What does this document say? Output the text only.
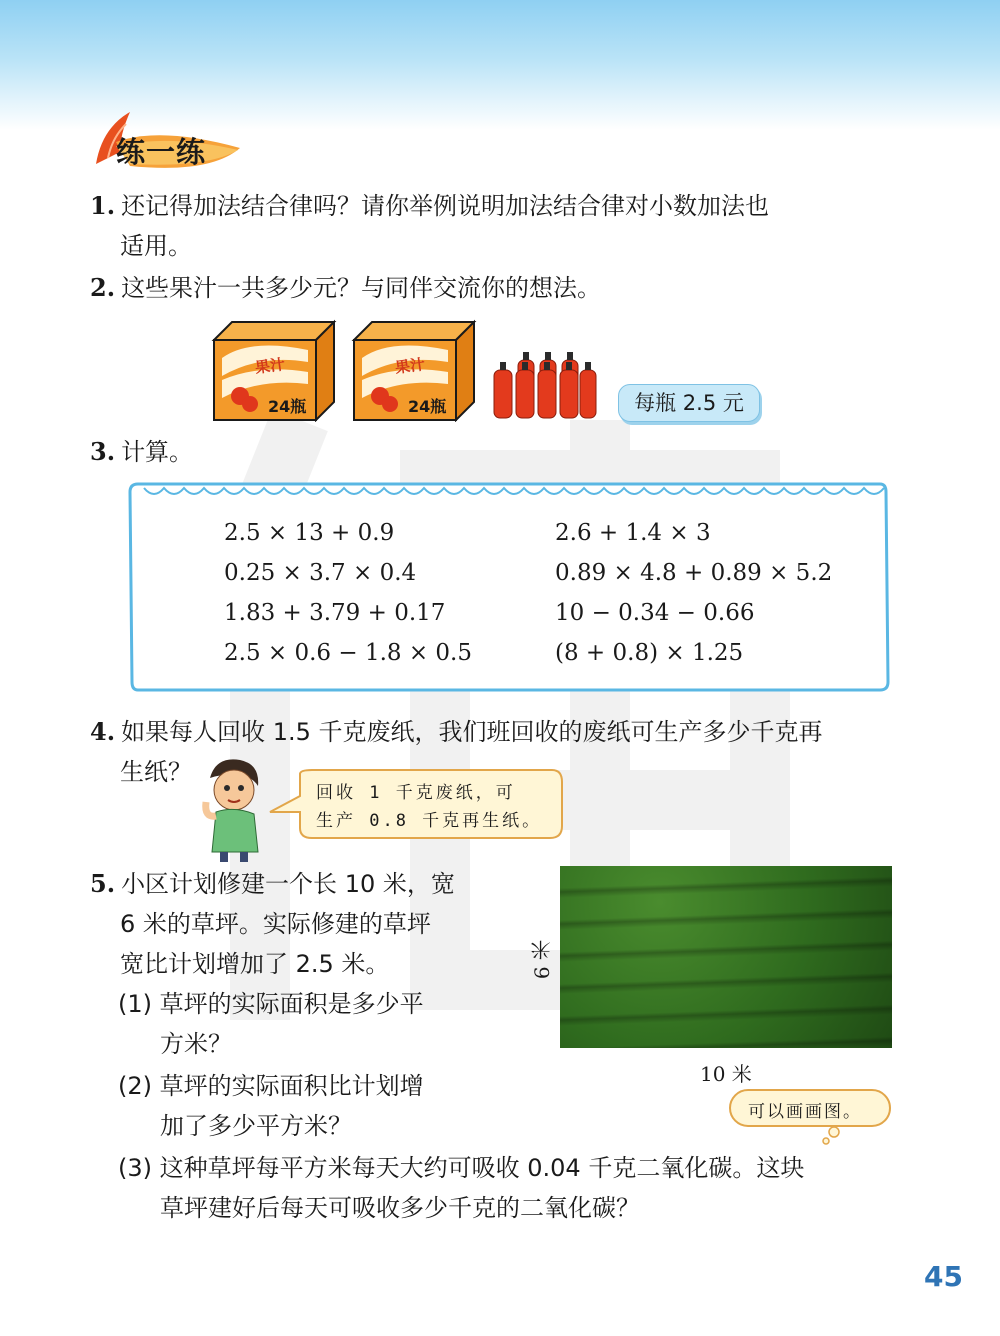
练一练
1. 还记得加法结合律吗？请你举例说明加法结合律对小数加法也
适用。
2. 这些果汁一共多少元？与同伴交流你的想法。
果汁
24瓶
果汁
24瓶	每瓶 2.5 元
3. 计算。
2.5 × 13 + 0.9
0.25 × 3.7 × 0.4
1.83 + 3.79 + 0.17
2.5 × 0.6 − 1.8 × 0.5
2.6 + 1.4 × 3
0.89 × 4.8 + 0.89 × 5.2
10 − 0.34 − 0.66
(8 + 0.8) × 1.25
4. 如果每人回收 1.5 千克废纸，我们班回收的废纸可生产多少千克再
生纸？
回收 1 千克废纸，可
生产 0.8 千克再生纸。
5. 小区计划修建一个长 10 米，宽
6 米的草坪。实际修建的草坪
宽比计划增加了 2.5 米。
(1) 草坪的实际面积是多少平
方米？
(2) 草坪的实际面积比计划增
加了多少平方米？
(3) 这种草坪每平方米每天大约可吸收 0.04 千克二氧化碳。这块
草坪建好后每天可吸收多少千克的二氧化碳？
6 米
10 米
可以画画图。
45
